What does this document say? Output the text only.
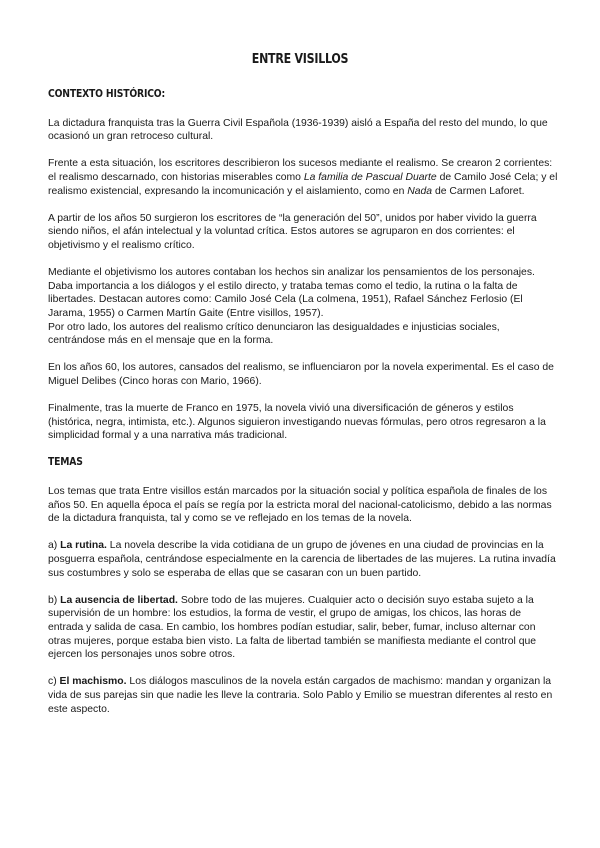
ENTRE VISILLOS
CONTEXTO HISTÓRICO:

La dictadura franquista tras la Guerra Civil Española (1936-1939) aisló a España del resto del mundo, lo que ocasionó un gran retroceso cultural.

Frente a esta situación, los escritores describieron los sucesos mediante el realismo. Se crearon 2 corrientes: el realismo descarnado, con historias miserables como La familia de Pascual Duarte de Camilo José Cela; y el realismo existencial, expresando la incomunicación y el aislamiento, como en Nada de Carmen Laforet.

A partir de los años 50 surgieron los escritores de “la generación del 50”, unidos por haber vivido la guerra siendo niños, el afán intelectual y la voluntad crítica. Estos autores se agruparon en dos corrientes: el objetivismo y el realismo crítico.

Mediante el objetivismo los autores contaban los hechos sin analizar los pensamientos de los personajes. Daba importancia a los diálogos y el estilo directo, y trataba temas como el tedio, la rutina o la falta de libertades. Destacan autores como: Camilo José Cela (La colmena, 1951), Rafael Sánchez Ferlosio (El Jarama, 1955) o Carmen Martín Gaite (Entre visillos, 1957).

Por otro lado, los autores del realismo crítico denunciaron las desigualdades e injusticias sociales, centrándose más en el mensaje que en la forma.

En los años 60, los autores, cansados del realismo, se influenciaron por la novela experimental. Es el caso de Miguel Delibes (Cinco horas con Mario, 1966).

Finalmente, tras la muerte de Franco en 1975, la novela vivió una diversificación de géneros y estilos (histórica, negra, intimista, etc.). Algunos siguieron investigando nuevas fórmulas, pero otros regresaron a la simplicidad formal y a una narrativa más tradicional.

TEMAS

Los temas que trata Entre visillos están marcados por la situación social y política española de finales de los años 50. En aquella época el país se regía por la estricta moral del nacional-catolicismo, debido a las normas de la dictadura franquista, tal y como se ve reflejado en los temas de la novela.

a) La rutina. La novela describe la vida cotidiana de un grupo de jóvenes en una ciudad de provincias en la posguerra española, centrándose especialmente en la carencia de libertades de las mujeres. La rutina invadía sus costumbres y solo se esperaba de ellas que se casaran con un buen partido.

b) La ausencia de libertad. Sobre todo de las mujeres. Cualquier acto o decisión suyo estaba sujeto a la supervisión de un hombre: los estudios, la forma de vestir, el grupo de amigas, los chicos, las horas de entrada y salida de casa. En cambio, los hombres podían estudiar, salir, beber, fumar, incluso alternar con otras mujeres, porque estaba bien visto. La falta de libertad también se manifiesta mediante el control que ejercen los personajes unos sobre otros.

c) El machismo. Los diálogos masculinos de la novela están cargados de machismo: mandan y organizan la vida de sus parejas sin que nadie les lleve la contraria. Solo Pablo y Emilio se muestran diferentes al resto en este aspecto.
